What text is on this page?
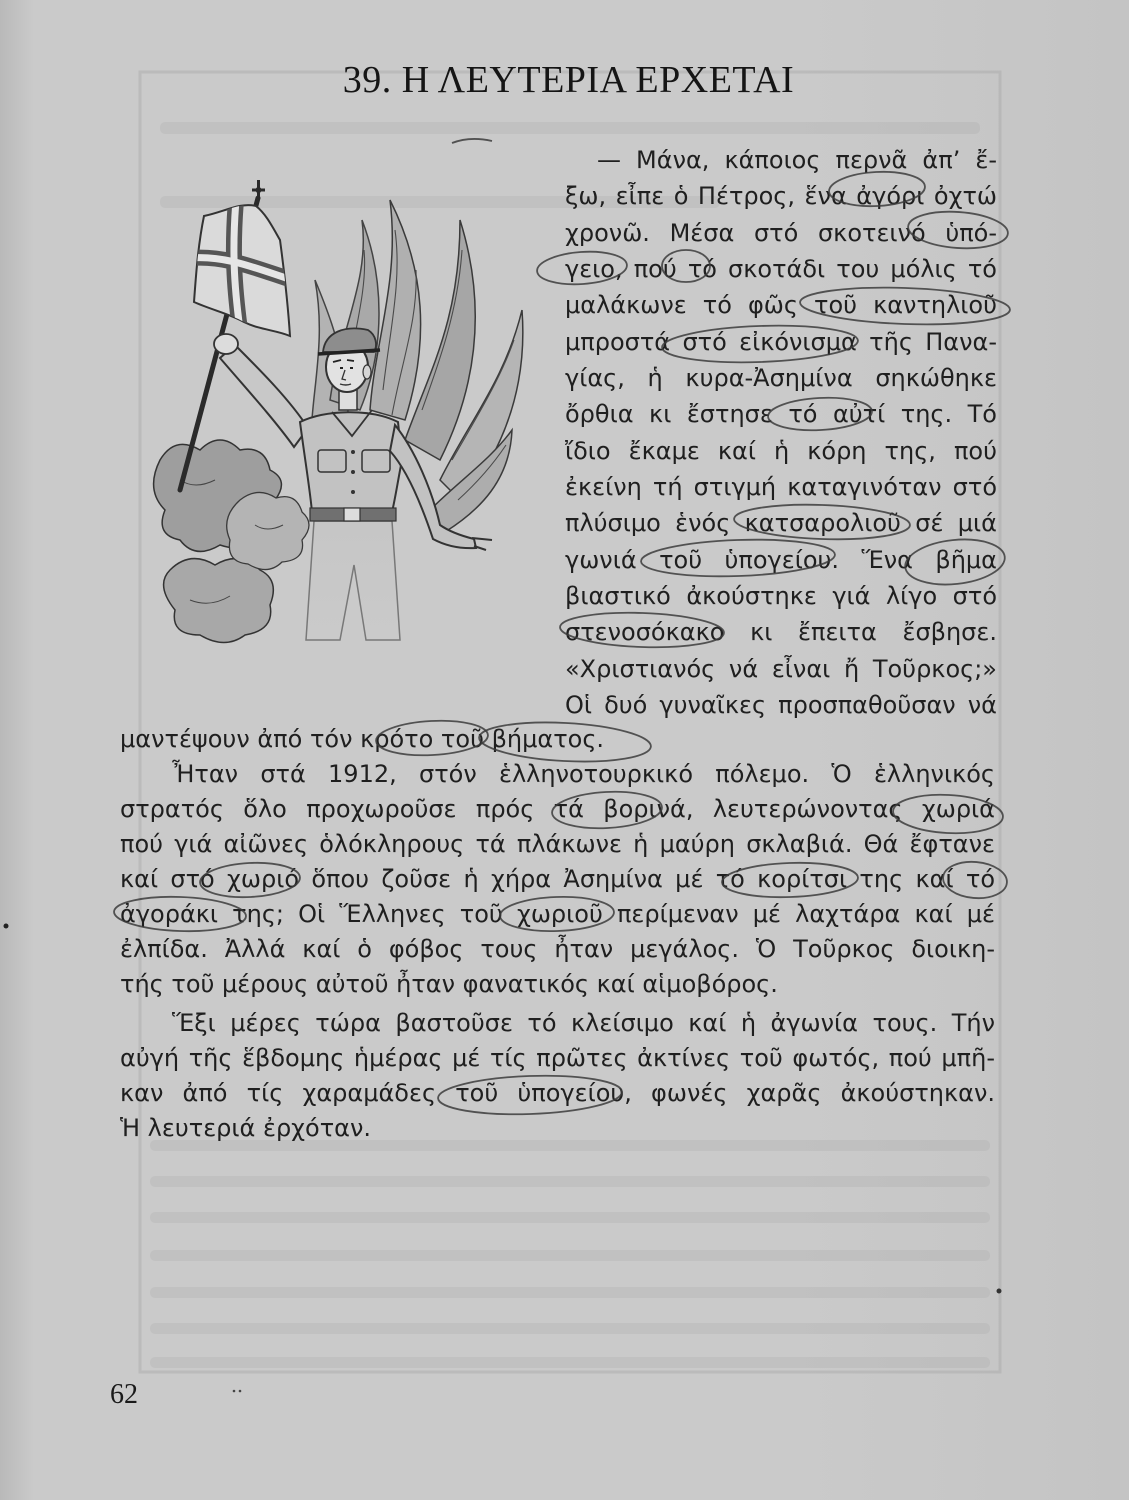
39. Η ΛΕΥΤΕΡΙΑ ΕΡΧΕΤΑΙ
— Μάνα, κάποιος περνᾶ ἀπ’ ἔ-
ξω, εἶπε ὁ Πέτρος, ἕνα ἀγόρι ὀχτώ
χρονῶ. Μέσα στό σκοτεινό ὑπό-
γειο, πού τό σκοτάδι του μόλις τό
μαλάκωνε τό φῶς τοῦ καντηλιοῦ
μπροστά στό εἰκόνισμα τῆς Πανα-
γίας, ἡ κυρα-Ἀσημίνα σηκώθηκε
ὄρθια κι ἔστησε τό αὐτί της. Τό
ἴδιο ἔκαμε καί ἡ κόρη της, πού
ἐκείνη τή στιγμή καταγινόταν στό
πλύσιμο ἑνός κατσαρολιοῦ σέ μιά
γωνιά τοῦ ὑπογείου. Ἕνα βῆμα
βιαστικό ἀκούστηκε γιά λίγο στό
στενοσόκακο κι ἔπειτα ἔσβησε.
«Χριστιανός νά εἶναι ἤ Τοῦρκος;»
Οἱ δυό γυναῖκες προσπαθοῦσαν νά
μαντέψουν ἀπό τόν κρότο τοῦ βήματος.
Ἦταν στά 1912, στόν ἑλληνοτουρκικό πόλεμο. Ὁ ἑλληνικός
στρατός ὅλο προχωροῦσε πρός τά βορινά, λευτερώνοντας χωριά
πού γιά αἰῶνες ὁλόκληρους τά πλάκωνε ἡ μαύρη σκλαβιά. Θά ἔφτανε
καί στό χωριό ὅπου ζοῦσε ἡ χήρα Ἀσημίνα μέ τό κορίτσι της καί τό
ἀγοράκι της; Οἱ Ἕλληνες τοῦ χωριοῦ περίμεναν μέ λαχτάρα καί μέ
ἐλπίδα. Ἀλλά καί ὁ φόβος τους ἦταν μεγάλος. Ὁ Τοῦρκος διοικη-
τής τοῦ μέρους αὐτοῦ ἦταν φανατικός καί αἱμοβόρος.
Ἕξι μέρες τώρα βαστοῦσε τό κλείσιμο καί ἡ ἀγωνία τους. Τήν
αὐγή τῆς ἕβδομης ἡμέρας μέ τίς πρῶτες ἀκτίνες τοῦ φωτός, πού μπῆ-
καν ἀπό τίς χαραμάδες τοῦ ὑπογείου, φωνές χαρᾶς ἀκούστηκαν.
Ἡ λευτεριά ἐρχόταν.
62
